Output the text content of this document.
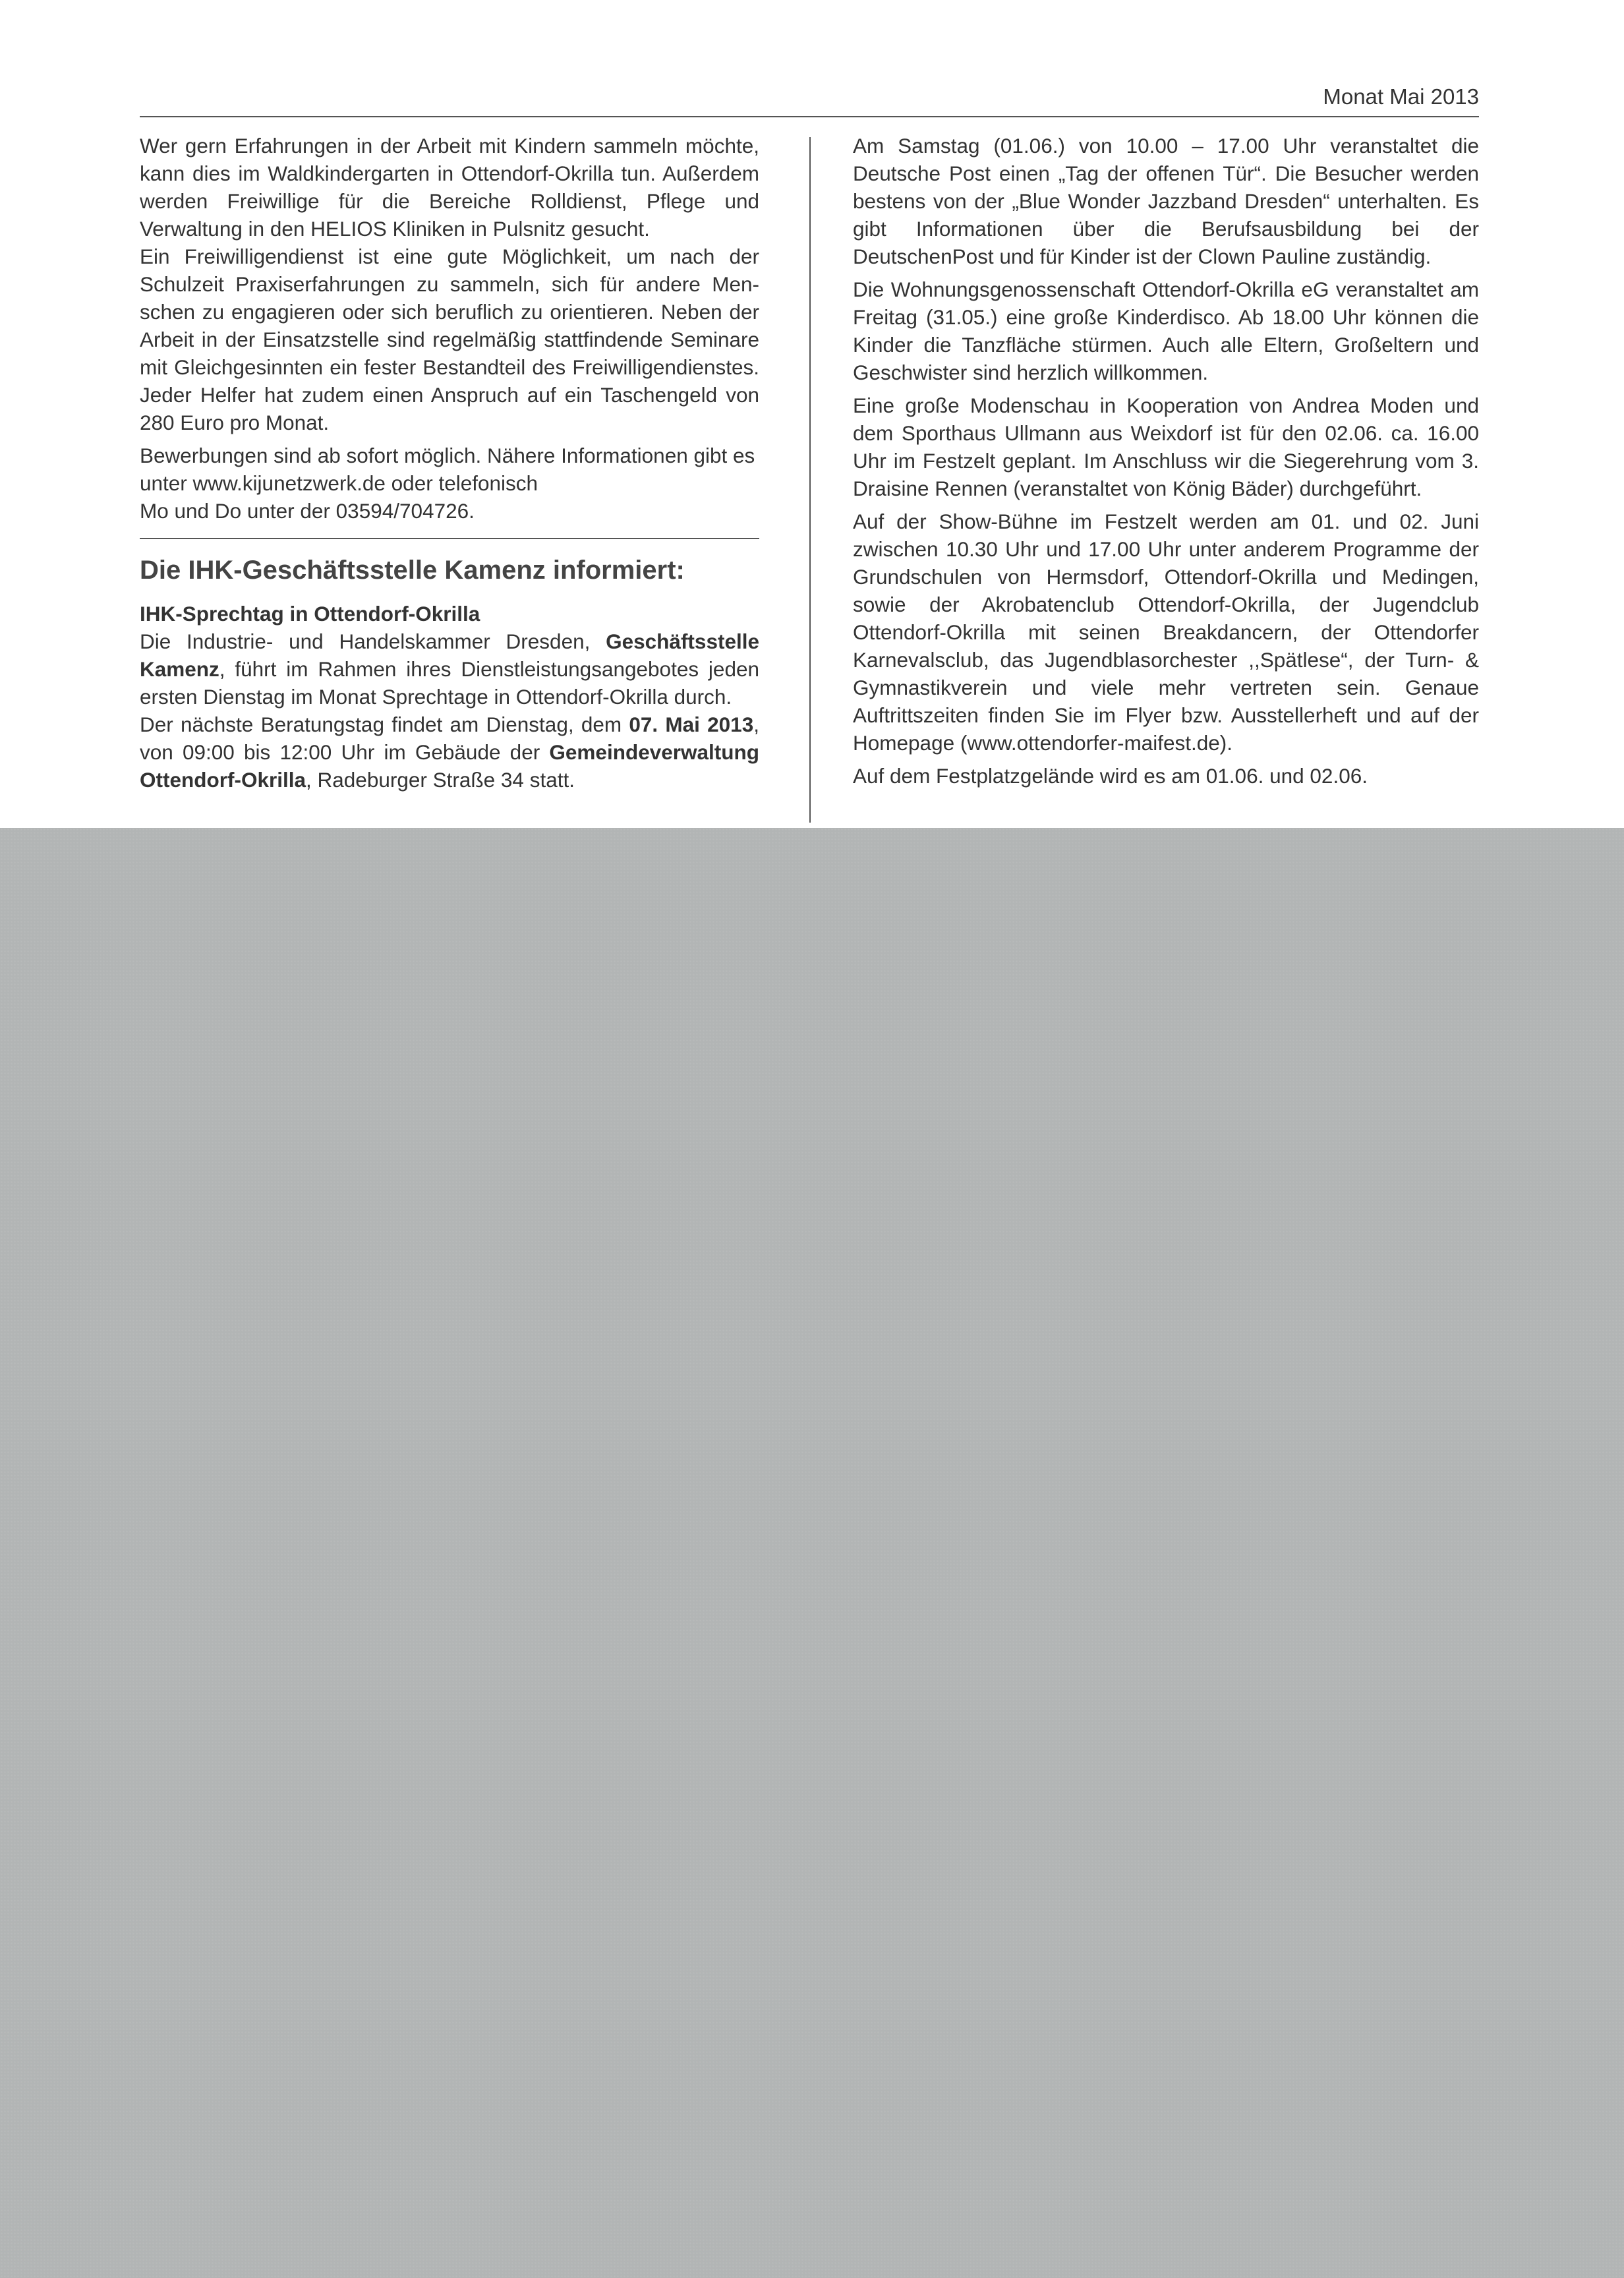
Monat Mai 2013

Wer gern Erfahrungen in der Arbeit mit Kindern sammeln möchte, kann dies im Waldkindergarten in Ottendorf-Okrilla tun. Außerdem werden Freiwillige für die Bereiche Rolldienst, Pflege und Verwaltung in den HELIOS Kliniken in Pulsnitz gesucht.

Ein Freiwilligendienst ist eine gute Möglichkeit, um nach der Schulzeit Praxiserfahrungen zu sammeln, sich für andere Menschen zu engagieren oder sich beruflich zu orientieren. Neben der Arbeit in der Einsatzstelle sind regelmäßig stattfindende Seminare mit Gleichgesinnten ein fester Bestandteil des Freiwilligendienstes. Jeder Helfer hat zudem einen Anspruch auf ein Taschengeld von 280 Euro pro Monat.

Bewerbungen sind ab sofort möglich. Nähere Informationen gibt es unter www.kijunetzwerk.de oder telefonisch
Mo und Do unter der 03594/704726.

Die IHK-Geschäftsstelle Kamenz informiert:

IHK-Sprechtag in Ottendorf-Okrilla
Die Industrie- und Handelskammer Dresden, Geschäftsstelle Kamenz, führt im Rahmen ihres Dienstleistungsangebotes jeden ersten Dienstag im Monat Sprechtage in Ottendorf-Okrilla durch.

Der nächste Beratungstag findet am Dienstag, dem 07. Mai 2013, von 09:00 bis 12:00 Uhr im Gebäude der Gemeindeverwaltung Ottendorf-Okrilla, Radeburger Straße 34 statt.

Am Samstag (01.06.) von 10.00 – 17.00 Uhr veranstaltet die Deutsche Post einen „Tag der offenen Tür“. Die Besucher werden bestens von der „Blue Wonder Jazzband Dresden“ unterhalten. Es gibt Informationen über die Berufsausbildung bei der DeutschenPost und für Kinder ist der Clown Pauline zuständig.

Die Wohnungsgenossenschaft Ottendorf-Okrilla eG veranstaltet am Freitag (31.05.) eine große Kinderdisco. Ab 18.00 Uhr können die Kinder die Tanzfläche stürmen. Auch alle Eltern, Großeltern und Geschwister sind herzlich willkommen.

Eine große Modenschau in Kooperation von Andrea Moden und dem Sporthaus Ullmann aus Weixdorf ist für den 02.06. ca. 16.00 Uhr im Festzelt geplant. Im Anschluss wir die Siegerehrung vom 3. Draisine Rennen (veranstaltet von König Bäder) durchgeführt.

Auf der Show-Bühne im Festzelt werden am 01. und 02. Juni zwischen 10.30 Uhr und 17.00 Uhr unter anderem Programme der Grundschulen von Hermsdorf, Ottendorf-Okrilla und Medingen, sowie der Akrobatenclub Ottendorf-Okrilla, der Jugendclub Ottendorf-Okrilla mit seinen Breakdancern, der Ottendorfer Karnevalsclub, das Jugendblasorchester ,,Spätlese“, der Turn- & Gymnastikverein und viele mehr vertreten sein. Genaue Auftrittszeiten finden Sie im Flyer bzw. Ausstellerheft und auf der Homepage (www.ottendorfer-maifest.de).

Auf dem Festplatzgelände wird es am 01.06. und 02.06.
